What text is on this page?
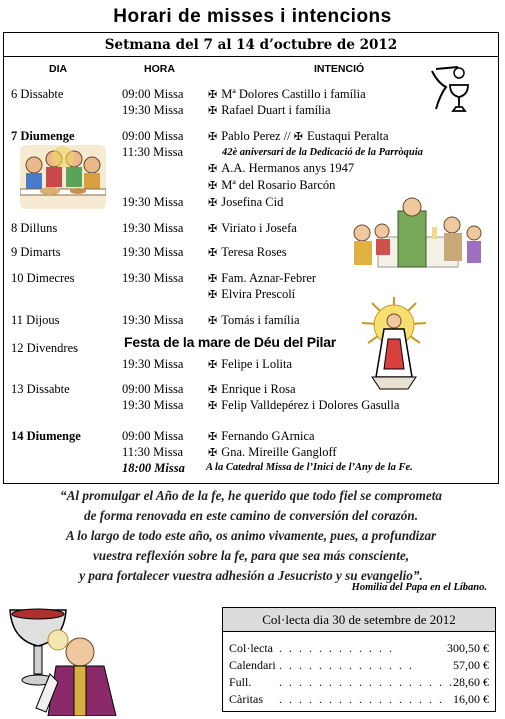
Horari de misses i intencions
Setmana del 7 al 14 d’octubre de 2012
DIA	HORA	INTENCIÓ
6 Dissabte	09:00 Missa ✠ Mª Dolores Castillo i família
19:30 Missa ✠ Rafael Duart i família
7 Diumenge	09:00 Missa ✠ Pablo Perez // ✠ Eustaqui Peralta
11:30 Missa	42è aniversari de la Dedicació de la Parròquia
✠ A.A. Hermanos anys 1947
✠ Mª del Rosario Barcón
19:30 Missa ✠ Josefina Cid
8 Dilluns	19:30 Missa ✠ Viriato i Josefa
9 Dimarts	19:30 Missa ✠ Teresa Roses
10 Dimecres	19:30 Missa ✠ Fam. Aznar-Febrer
✠ Elvira Prescolí
11 Dijous	19:30 Missa ✠ Tomás i família
12 Divendres	Festa de la mare de Déu del Pilar
19:30 Missa ✠ Felipe i Lolita
13 Dissabte	09:00 Missa ✠ Enrique i Rosa
19:30 Missa ✠ Felip Valldepérez i Dolores Gasulla
14 Diumenge	09:00 Missa ✠ Fernando GArnica
11:30 Missa ✠ Gna. Mireille Gangloff
18:00 Missa A la Catedral Missa de l’Inici de l’Any de la Fe.
“Al promulgar el Año de la fe, he querido que todo fiel se comprometa
de forma renovada en este camino de conversión del corazón.
A lo largo de todo este año, os animo vivamente, pues, a profundizar
vuestra reflexión sobre la fe, para que sea más consciente,
y para fortalecer vuestra adhesión a Jesucristo y su evangelio”.
Homilia del Papa en el Líbano.
Col·lecta dia 30 de setembre de 2012
Col·lecta . . . . . . . . . . . .	300,50 €
Calendari . . . . . . . . . . . . . .	57,00 €
Full. . . . . . . . . . . . . . . . . . . 28,60 €
Càritas . . . . . . . . . . . . . . . . . 16,00 €
